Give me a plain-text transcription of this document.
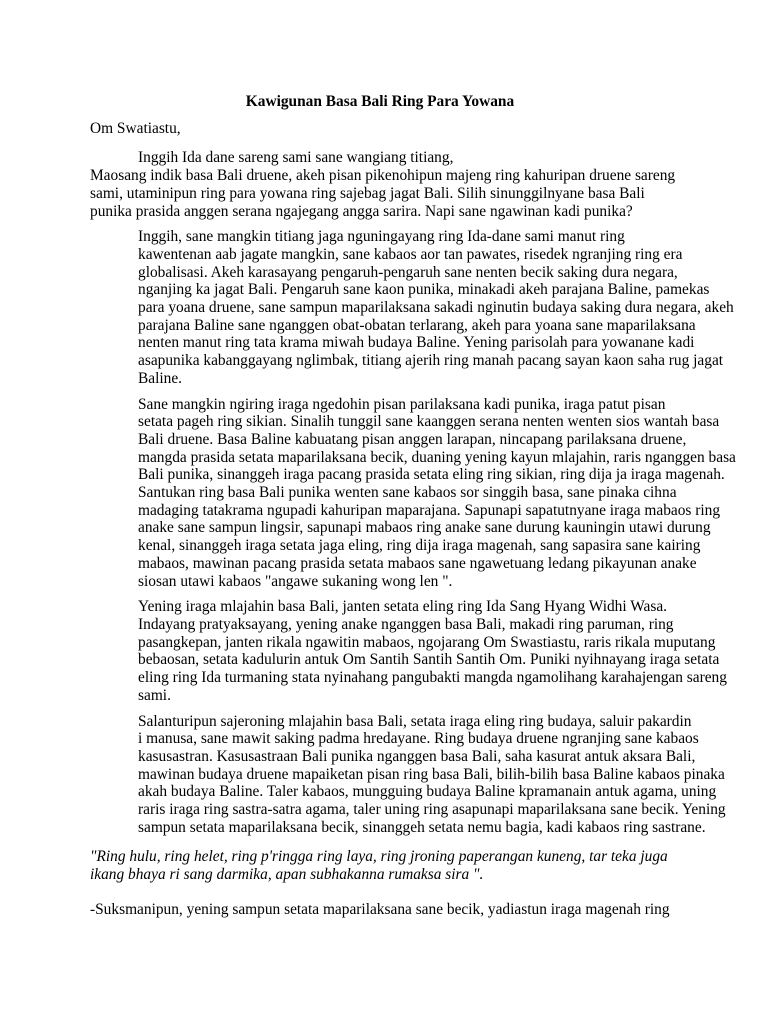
Kawigunan Basa Bali Ring Para Yowana

Om Swatiastu,

Inggih Ida dane sareng sami sane wangiang titiang,

Maosang indik basa Bali druene, akeh pisan pikenohipun majeng ring kahuripan druene sareng
sami, utaminipun ring para yowana ring sajebag jagat Bali. Silih sinunggilnyane basa Bali
punika prasida anggen serana ngajegang angga sarira. Napi sane ngawinan kadi punika?

Inggih, sane mangkin titiang jaga nguningayang ring Ida-dane sami manut ring

kawentenan aab jagate mangkin, sane kabaos aor tan pawates, risedek ngranjing ring era
globalisasi. Akeh karasayang pengaruh-pengaruh sane nenten becik saking dura negara,
nganjing ka jagat Bali. Pengaruh sane kaon punika, minakadi akeh parajana Baline, pamekas
para yoana druene, sane sampun maparilaksana sakadi nginutin budaya saking dura negara, akeh
parajana Baline sane nganggen obat-obatan terlarang, akeh para yoana sane maparilaksana
nenten manut ring tata krama miwah budaya Baline. Yening parisolah para yowanane kadi
asapunika kabanggayang nglimbak, titiang ajerih ring manah pacang sayan kaon saha rug jagat
Baline.

Sane mangkin ngiring iraga ngedohin pisan parilaksana kadi punika, iraga patut pisan

setata pageh ring sikian. Sinalih tunggil sane kaanggen serana nenten wenten sios wantah basa
Bali druene. Basa Baline kabuatang pisan anggen larapan, nincapang parilaksana druene,
mangda prasida setata maparilaksana becik, duaning yening kayun mlajahin, raris nganggen basa
Bali punika, sinanggeh iraga pacang prasida setata eling ring sikian, ring dija ja iraga magenah.
Santukan ring basa Bali punika wenten sane kabaos sor singgih basa, sane pinaka cihna
madaging tatakrama ngupadi kahuripan maparajana. Sapunapi sapatutnyane iraga mabaos ring
anake sane sampun lingsir, sapunapi mabaos ring anake sane durung kauningin utawi durung
kenal, sinanggeh iraga setata jaga eling, ring dija iraga magenah, sang sapasira sane kairing
mabaos, mawinan pacang prasida setata mabaos sane ngawetuang ledang pikayunan anake
siosan utawi kabaos "angawe sukaning wong len ".

Yening iraga mlajahin basa Bali, janten setata eling ring Ida Sang Hyang Widhi Wasa.

Indayang pratyaksayang, yening anake nganggen basa Bali, makadi ring paruman, ring
pasangkepan, janten rikala ngawitin mabaos, ngojarang Om Swastiastu, raris rikala muputang
bebaosan, setata kadulurin antuk Om Santih Santih Santih Om. Puniki nyihnayang iraga setata
eling ring Ida turmaning stata nyinahang pangubakti mangda ngamolihang karahajengan sareng
sami.

Salanturipun sajeroning mlajahin basa Bali, setata iraga eling ring budaya, saluir pakardin

i manusa, sane mawit saking padma hredayane. Ring budaya druene ngranjing sane kabaos
kasusastran. Kasusastraan Bali punika nganggen basa Bali, saha kasurat antuk aksara Bali,
mawinan budaya druene mapaiketan pisan ring basa Bali, bilih-bilih basa Baline kabaos pinaka
akah budaya Baline. Taler kabaos, mungguing budaya Baline kpramanain antuk agama, uning
raris iraga ring sastra-satra agama, taler uning ring asapunapi maparilaksana sane becik. Yening
sampun setata maparilaksana becik, sinanggeh setata nemu bagia, kadi kabaos ring sastrane.

"Ring hulu, ring helet, ring p'ringga ring laya, ring jroning paperangan kuneng, tar teka juga
ikang bhaya ri sang darmika, apan subhakanna rumaksa sira ".

-Suksmanipun, yening sampun setata maparilaksana sane becik, yadiastun iraga magenah ring
